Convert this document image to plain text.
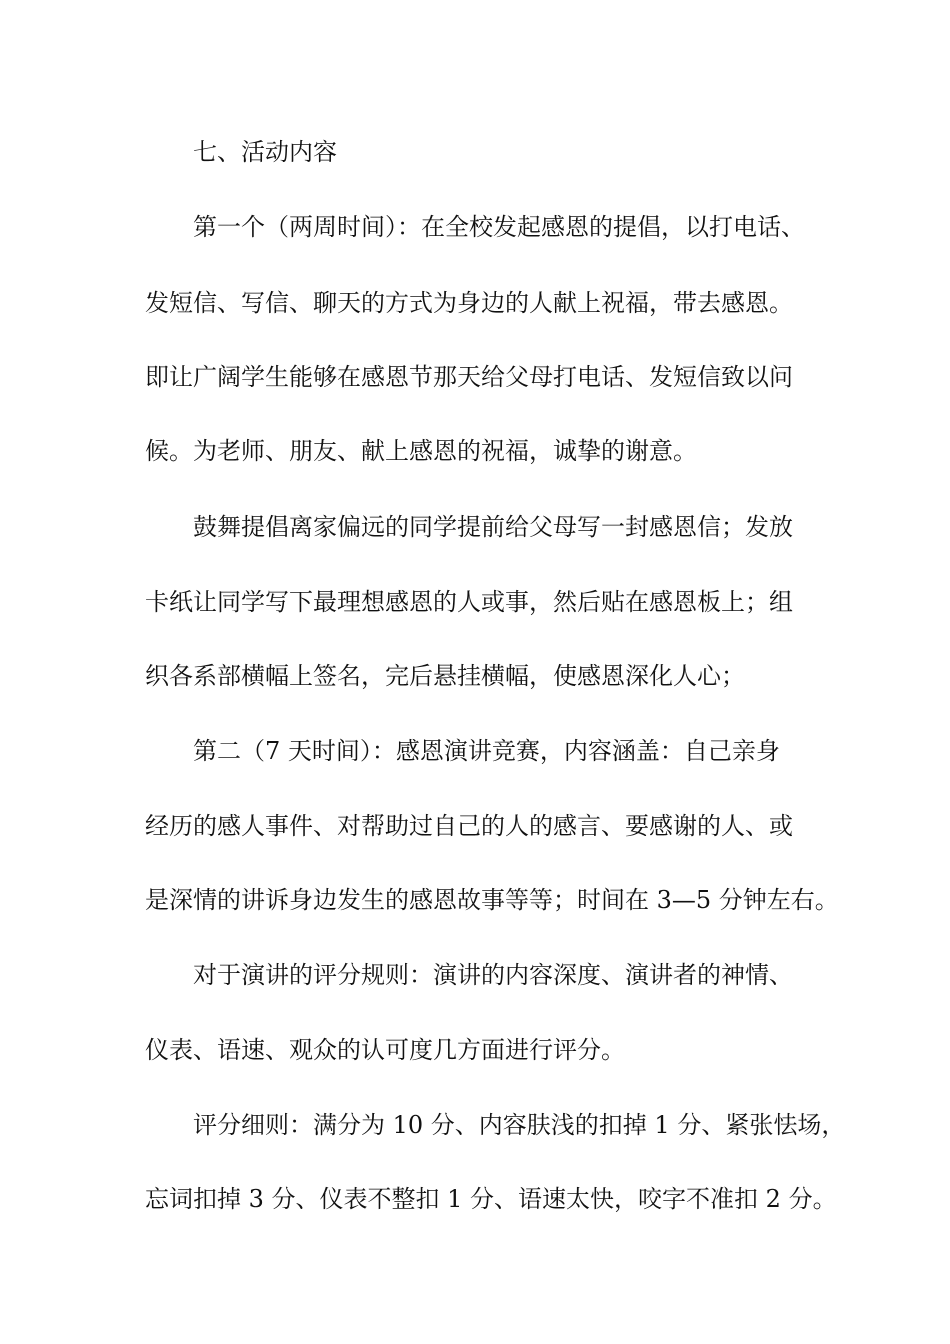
七、活动内容
第一个（两周时间）：在全校发起感恩的提倡，以打电话、
发短信、写信、聊天的方式为身边的人献上祝福，带去感恩。
即让广阔学生能够在感恩节那天给父母打电话、发短信致以问
候。为老师、朋友、献上感恩的祝福，诚挚的谢意。
鼓舞提倡离家偏远的同学提前给父母写一封感恩信；发放
卡纸让同学写下最理想感恩的人或事，然后贴在感恩板上；组
织各系部横幅上签名，完后悬挂横幅，使感恩深化人心；
第二（7 天时间）：感恩演讲竞赛，内容涵盖：自己亲身
经历的感人事件、对帮助过自己的人的感言、要感谢的人、或
是深情的讲诉身边发生的感恩故事等等；时间在 3—5 分钟左右。
对于演讲的评分规则：演讲的内容深度、演讲者的神情、
仪表、语速、观众的认可度几方面进行评分。
评分细则：满分为 10 分、内容肤浅的扣掉 1 分、紧张怯场，
忘词扣掉 3 分、仪表不整扣 1 分、语速太快，咬字不准扣 2 分。
